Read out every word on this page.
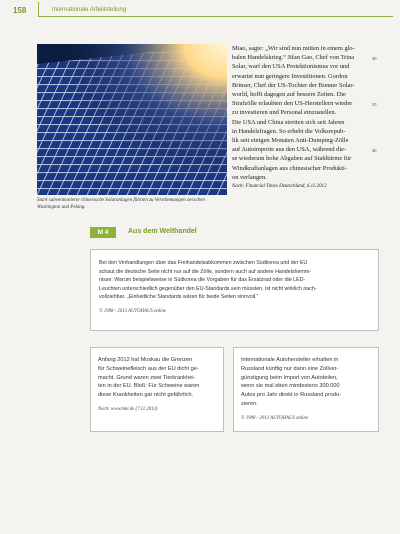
158	Internationale Arbeitsteilung
Stark subventionierte chinesische Solaranlagen führten zu Verstimmungen zwischen
Washington und Peking.

Miao, sagte: „Wir sind nun mitten in einem glo-
balen Handelskrieg.“ Jifan Gao, Chef von Trina
Solar, warf den USA Protektionismus vor und
erwartet nun geringere Investitionen. Gordon
Brinser, Chef der US-Tochter der Bonner Solar-
world, hofft dagegen auf bessere Zeiten. Die
Strafzölle erlaubten den US-Herstellern wieder
zu investieren und Personal einzustellen.

Die USA und China streiten sich seit Jahren
in Handelsfragen. So erhebt die Volksrepub-
lik seit einigen Monaten Anti-Dumping-Zölle
auf Autoimporte aus den USA, während die-
se wiederum hohe Abgaben auf Stahltürme für
Windkraftanlagen aus chinesischer Produkti-
on verlangen.

Nach: Financial Times Deutschland, 6.11.2012

30
35
40
M 4	Aus dem Welthandel
Bei den Verhandlungen über das Freihandelsabkommen zwischen Südkorea und der EU
schaut die deutsche Seite nicht nur auf die Zölle, sondern auch auf andere Handelshemm-
nisse: Warum beispielsweise in Südkorea die Vorgaben für das Ersatzrad oder die LED-
Leuchten unterschiedlich gegenüber den EU-Standards sein müssten, ist nicht wirklich nach-
vollziehbar. „Einheitliche Standards wären für beide Seiten sinnvoll.“
© 1998 - 2013 AUTOHAUS online
Anfang 2012 hat Moskau die Grenzen
für Schweinefleisch aus der EU dicht ge-
macht. Grund waren zwei Tierkrankhei-
ten in der EU. Bloß: Für Schweine waren
diese Krankheiten gar nicht gefährlich.
Nach: www.bmi.de (7.11.2013)
Internationale Autohersteller erhalten in
Russland künftig nur dann eine Zollver-
günstigung beim Import von Autoteilen,
wenn sie mal eben mindestens 300.000
Autos pro Jahr direkt in Russland produ-
zieren.
© 1998 - 2013 AUTOHAUS online
